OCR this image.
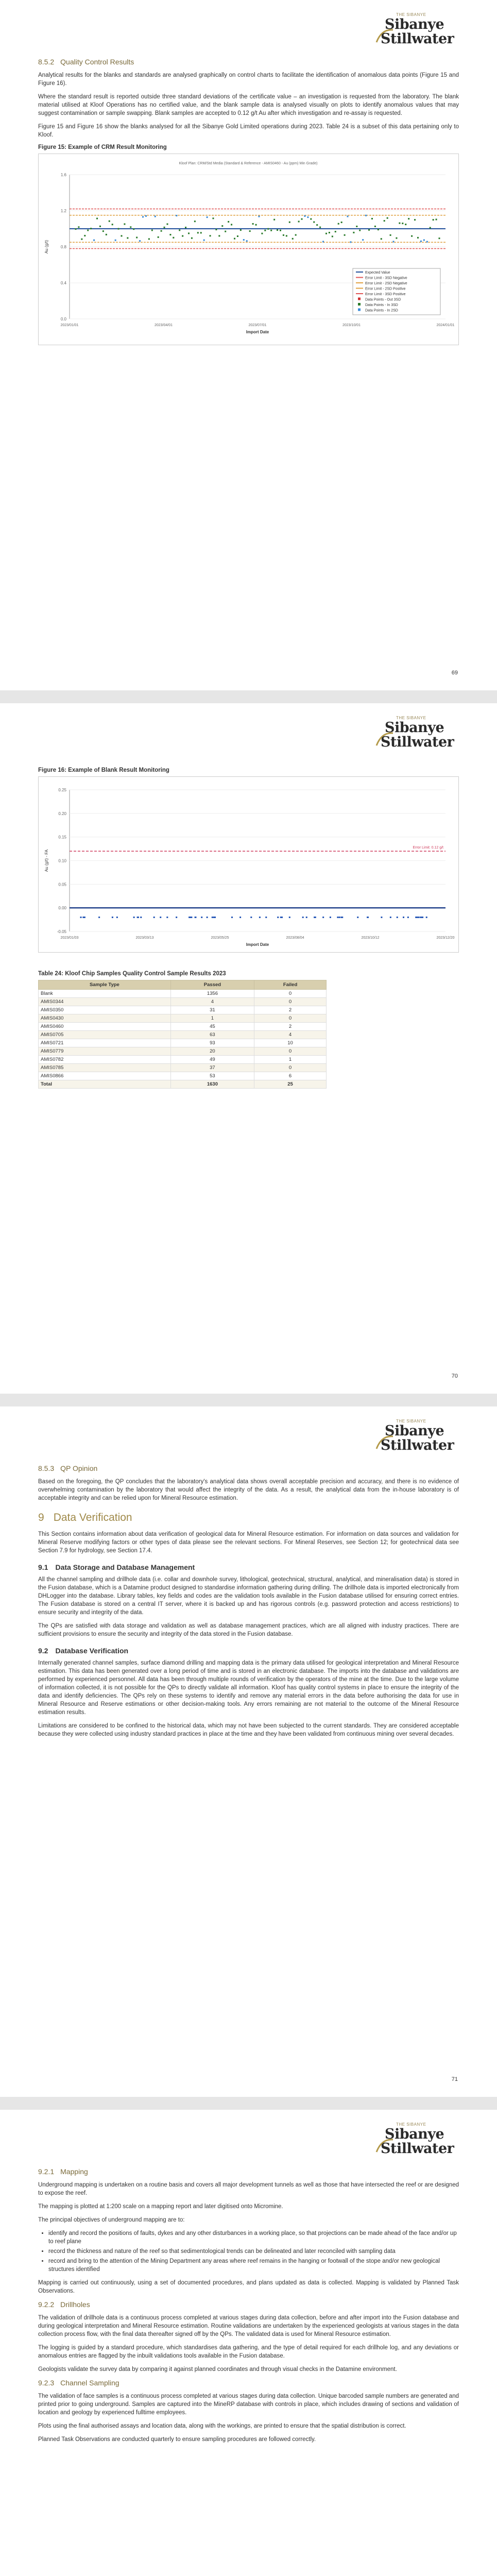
THE SIBANYE
Sibanye
Stillwater
8.5.2 Quality Control Results

Analytical results for the blanks and standards are analysed graphically on control charts to facilitate the identification of anomalous data points (Figure 15 and Figure 16).

Where the standard result is reported outside three standard deviations of the certificate value – an investigation is requested from the laboratory. The blank material utilised at Kloof Operations has no certified value, and the blank sample data is analysed visually on plots to identify anomalous values that may suggest contamination or sample swapping. Blank samples are accepted to 0.12 g/t Au after which investigation and re-assay is requested.

Figure 15 and Figure 16 show the blanks analysed for all the Sibanye Gold Limited operations during 2023. Table 24 is a subset of this data pertaining only to Kloof.

Figure 15: Example of CRM Result Monitoring
Kloof Plan: CRM/Std Media (Standard & Reference - AMIS0460 - Au (ppm) Min Grade)
0.0
0.4
0.8
1.2
1.6
2023/01/01	2023/04/01	2023/07/01	2023/10/01	2024/01/01
Import Date
Au (g/t)
Expected Value
Error Limit - 3SD Negative
Error Limit - 2SD Negative
Error Limit - 2SD Positive
Error Limit - 3SD Positive
Data Points - Out 3SD
Data Points - In 3SD
Data Points - In 2SD
69
THE SIBANYE
Sibanye
Stillwater
Figure 16: Example of Blank Result Monitoring
-0.05
0.00
0.05
0.10
0.15
0.20
0.25
2023/01/03	2023/03/13	2023/05/25	2023/08/04	2023/10/12	2023/12/20
Import Date
Au (g/t) - FA
Error Limit: 0.12 g/t
Table 24: Kloof Chip Samples Quality Control Sample Results 2023
Sample Type	Passed	Failed
Blank	1356	0
AMIS0344	4	0
AMIS0350	31	2
AMIS0430	1	0
AMIS0460	45	2
AMIS0705	63	4
AMIS0721	93	10
AMIS0779	20	0
AMIS0782	49	1
AMIS0785	37	0
AMIS0866	53	6
Total	1630	25
70
THE SIBANYE
Sibanye
Stillwater
8.5.3 QP Opinion

Based on the foregoing, the QP concludes that the laboratory's analytical data shows overall acceptable precision and accuracy, and there is no evidence of overwhelming contamination by the laboratory that would affect the integrity of the data. As a result, the analytical data from the in-house laboratory is of acceptable integrity and can be relied upon for Mineral Resource estimation.

9 Data Verification

This Section contains information about data verification of geological data for Mineral Resource estimation. For information on data sources and validation for Mineral Reserve modifying factors or other types of data please see the relevant sections. For Mineral Reserves, see Section 12; for geotechnical data see Section 7.9 for hydrology, see Section 17.4.

9.1 Data Storage and Database Management

All the channel sampling and drillhole data (i.e. collar and downhole survey, lithological, geotechnical, structural, analytical, and mineralisation data) is stored in the Fusion database, which is a Datamine product designed to standardise information gathering during drilling. The drillhole data is imported electronically from DHLogger into the database. Library tables, key fields and codes are the validation tools available in the Fusion database utilised for ensuring correct entries. The Fusion database is stored on a central IT server, where it is backed up and has rigorous controls (e.g. password protection and access restrictions) to ensure security and integrity of the data.

The QPs are satisfied with data storage and validation as well as database management practices, which are all aligned with industry practices. There are sufficient provisions to ensure the security and integrity of the data stored in the Fusion database.

9.2 Database Verification

Internally generated channel samples, surface diamond drilling and mapping data is the primary data utilised for geological interpretation and Mineral Resource estimation. This data has been generated over a long period of time and is stored in an electronic database. The imports into the database and validations are performed by experienced personnel. All data has been through multiple rounds of verification by the operators of the mine at the time. Due to the large volume of information collected, it is not possible for the QPs to directly validate all information. Kloof has quality control systems in place to ensure the integrity of the data and identify deficiencies. The QPs rely on these systems to identify and remove any material errors in the data before authorising the data for use in Mineral Resource and Reserve estimations or other decision-making tools. Any errors remaining are not material to the outcome of the Mineral Resource estimation results.

Limitations are considered to be confined to the historical data, which may not have been subjected to the current standards. They are considered acceptable because they were collected using industry standard practices in place at the time and they have been validated from continuous mining over several decades.

71
THE SIBANYE
Sibanye
Stillwater
9.2.1 Mapping

Underground mapping is undertaken on a routine basis and covers all major development tunnels as well as those that have intersected the reef or are designed to expose the reef.

The mapping is plotted at 1:200 scale on a mapping report and later digitised onto Micromine.

The principal objectives of underground mapping are to:

• identify and record the positions of faults, dykes and any other disturbances in a working place, so that projections can be made ahead of the face and/or up to reef plane
• record the thickness and nature of the reef so that sedimentological trends can be delineated and later reconciled with sampling data
• record and bring to the attention of the Mining Department any areas where reef remains in the hanging or footwall of the stope and/or new geological structures identified

Mapping is carried out continuously, using a set of documented procedures, and plans updated as data is collected. Mapping is validated by Planned Task Observations.

9.2.2 Drillholes

The validation of drillhole data is a continuous process completed at various stages during data collection, before and after import into the Fusion database and during geological interpretation and Mineral Resource estimation. Routine validations are undertaken by the experienced geologists at various stages in the data collection process flow, with the final data thereafter signed off by the QPs. The validated data is used for Mineral Resource estimation.

The logging is guided by a standard procedure, which standardises data gathering, and the type of detail required for each drillhole log, and any deviations or anomalous entries are flagged by the inbuilt validations tools available in the Fusion database.

Geologists validate the survey data by comparing it against planned coordinates and through visual checks in the Datamine environment.

9.2.3 Channel Sampling

The validation of face samples is a continuous process completed at various stages during data collection. Unique barcoded sample numbers are generated and printed prior to going underground. Samples are captured into the MineRP database with controls in place, which includes drawing of sections and validation of location and geology by experienced fulltime employees.

Plots using the final authorised assays and location data, along with the workings, are printed to ensure that the spatial distribution is correct.

Planned Task Observations are conducted quarterly to ensure sampling procedures are followed correctly.
